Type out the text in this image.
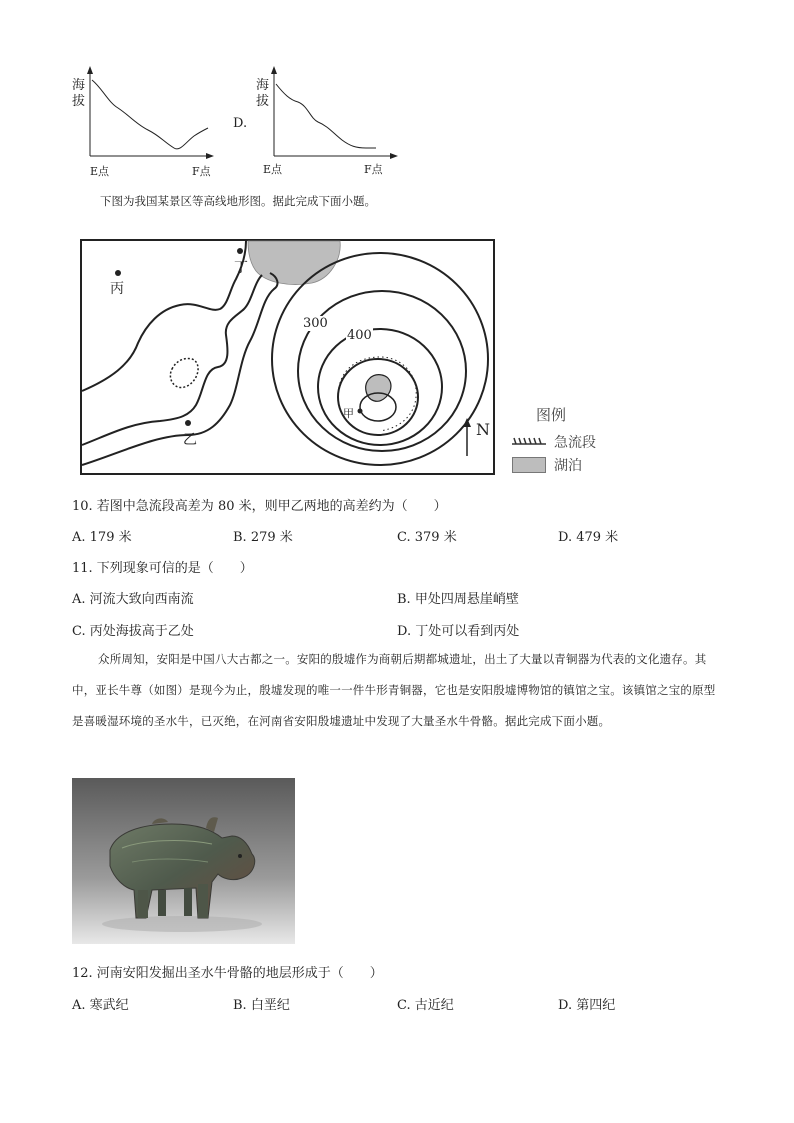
海
拔
E点	F点
D.
海
拔
E点	F点
下图为我国某景区等高线地形图。据此完成下面小题。
丁
丙
乙
甲
300
400
N
图例
急流段
湖泊
10. 若图中急流段高差为 80 米，则甲乙两地的高差约为（　　）
A. 179 米	B. 279 米	C. 379 米	D. 479 米
11. 下列现象可信的是（　　）
A. 河流大致向西南流	B. 甲处四周悬崖峭壁
C. 丙处海拔高于乙处	D. 丁处可以看到丙处
众所周知，安阳是中国八大古都之一。安阳的殷墟作为商朝后期都城遗址，出土了大量以青铜器为代表的文化遗存。其中，亚长牛尊（如图）是现今为止，殷墟发现的唯一一件牛形青铜器，它也是安阳殷墟博物馆的镇馆之宝。该镇馆之宝的原型是喜暖湿环境的圣水牛，已灭绝，在河南省安阳殷墟遗址中发现了大量圣水牛骨骼。据此完成下面小题。
12. 河南安阳发掘出圣水牛骨骼的地层形成于（　　）
A. 寒武纪	B. 白垩纪	C. 古近纪	D. 第四纪
